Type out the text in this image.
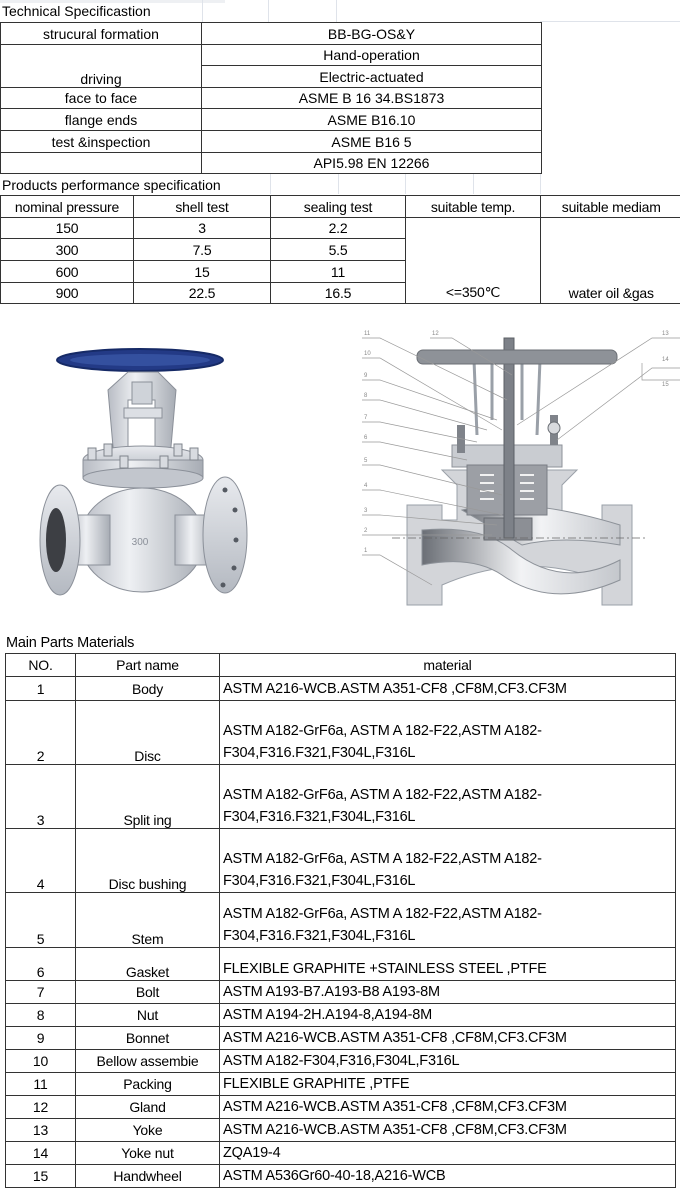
Technical Specificastion
strucural formation	BB-BG-OS&Y
driving	Hand-operation
	Electric-actuated
face to face	ASME B 16 34.BS1873
flange ends	ASME B16.10
test &inspection	ASME B16 5
	API5.98 EN 12266
Products performance specification
nominal pressure	shell test	sealing test	suitable temp.	suitable mediam
150	3	2.2	<=350℃	water oil &gas
300	7.5	5.5		
600	15	11		
900	22.5	16.5		
300
1
2
3
4
5
6
7
8
9
10
11	12	13
14
15
Main Parts Materials
NO.	Part name	material
1	Body	ASTM A216-WCB.ASTM A351-CF8 ,CF8M,CF3.CF3M
2	Disc	ASTM A182-GrF6a, ASTM A 182-F22,ASTM A182-F304,F316.F321,F304L,F316L
3	Split ing	ASTM A182-GrF6a, ASTM A 182-F22,ASTM A182-F304,F316.F321,F304L,F316L
4	Disc bushing	ASTM A182-GrF6a, ASTM A 182-F22,ASTM A182-F304,F316.F321,F304L,F316L
5	Stem	ASTM A182-GrF6a, ASTM A 182-F22,ASTM A182-F304,F316.F321,F304L,F316L
6	Gasket	FLEXIBLE GRAPHITE +STAINLESS STEEL ,PTFE
7	Bolt	ASTM A193-B7.A193-B8 A193-8M
8	Nut	ASTM A194-2H.A194-8,A194-8M
9	Bonnet	ASTM A216-WCB.ASTM A351-CF8 ,CF8M,CF3.CF3M
10	Bellow assembie	ASTM A182-F304,F316,F304L,F316L
11	Packing	FLEXIBLE GRAPHITE ,PTFE
12	Gland	ASTM A216-WCB.ASTM A351-CF8 ,CF8M,CF3.CF3M
13	Yoke	ASTM A216-WCB.ASTM A351-CF8 ,CF8M,CF3.CF3M
14	Yoke nut	ZQA19-4
15	Handwheel	ASTM A536Gr60-40-18,A216-WCB
